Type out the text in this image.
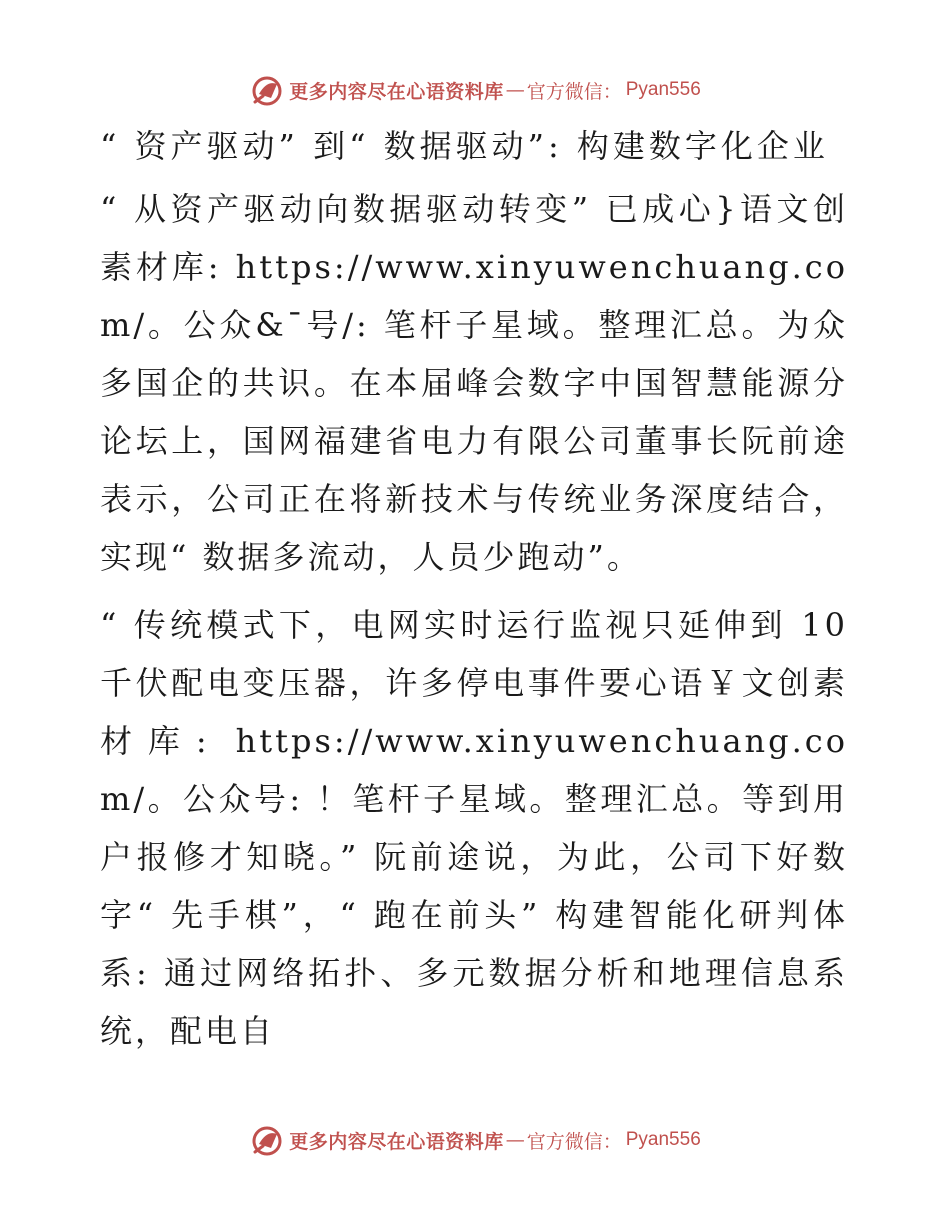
更多内容尽在心语资料库 — 官方微信： Pyan556
“ 资产驱动” 到“ 数据驱动”: 构建数字化企业

“ 从资产驱动向数据驱动转变” 已成心}语文创素材库: https://www.xinyuwenchuang.com/。公众&¯号/: 笔杆子星域。整理汇总。为众多国企的共识。在本届峰会数字中国智慧能源分论坛上，国网福建省电力有限公司董事长阮前途表示，公司正在将新技术与传统业务深度结合，实现“ 数据多流动，人员少跑动”。

“ 传统模式下，电网实时运行监视只延伸到 10 千伏配电变压器，许多停电事件要心语￥文创素材库: https://www.xinyuwenchuang.com/。公众号: ！笔杆子星域。整理汇总。等到用户报修才知晓。” 阮前途说，为此，公司下好数字“ 先手棋”，“ 跑在前头” 构建智能化研判体系: 通过网络拓扑、多元数据分析和地理信息系统，配电自

更多内容尽在心语资料库 — 官方微信： Pyan556
